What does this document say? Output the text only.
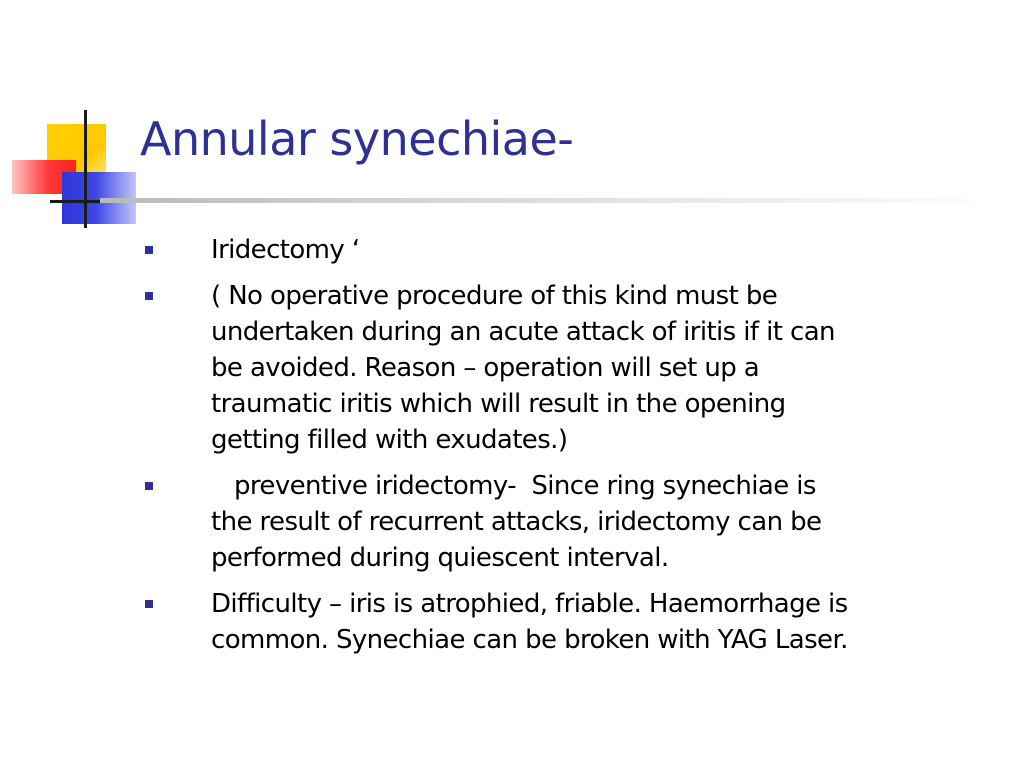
Annular synechiae-
Iridectomy ‘
( No operative procedure of this kind must be
undertaken during an acute attack of iritis if it can
be avoided. Reason – operation will set up a
traumatic iritis which will result in the opening
getting filled with exudates.)
preventive iridectomy-  Since ring synechiae is
the result of recurrent attacks, iridectomy can be
performed during quiescent interval.
Difficulty – iris is atrophied, friable. Haemorrhage is
common. Synechiae can be broken with YAG Laser.
